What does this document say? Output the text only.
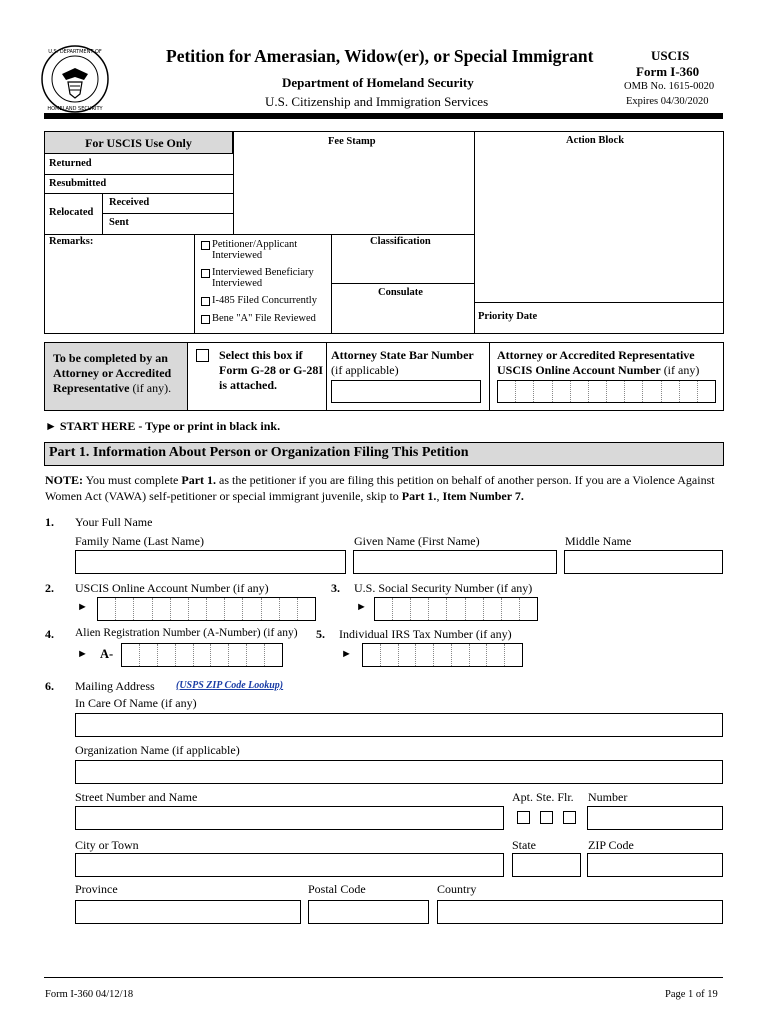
U.S. DEPARTMENT OF
HOMELAND SECURITY
Petition for Amerasian, Widow(er), or Special Immigrant
Department of Homeland Security
U.S. Citizenship and Immigration Services
USCIS
Form I-360
OMB No. 1615-0020
Expires 04/30/2020
For USCIS Use Only	Fee Stamp	Action Block
Returned
Resubmitted
Relocated
Received
Sent
Remarks:	Petitioner/Applicant Interviewed
Interviewed Beneficiary Interviewed
I-485 Filed Concurrently
Bene "A" File Reviewed
Classification
Consulate
Priority Date
To be completed by an Attorney or Accredited Representative (if any).
Select this box if Form G-28 or G-28I is attached.
Attorney State Bar Number
(if applicable)
Attorney or Accredited Representative USCIS Online Account Number (if any)
► START HERE - Type or print in black ink.
Part 1. Information About Person or Organization Filing This Petition
NOTE: You must complete Part 1. as the petitioner if you are filing this petition on behalf of another person. If you are a Violence Against Women Act (VAWA) self-petitioner or special immigrant juvenile, skip to Part 1., Item Number 7.
1. Your Full Name
Family Name (Last Name)	Given Name (First Name)	Middle Name
2. USCIS Online Account Number (if any)
►
3. U.S. Social Security Number (if any)
►
4. Alien Registration Number (A-Number) (if any)
► A-
5. Individual IRS Tax Number (if any)
►
6. Mailing Address (USPS ZIP Code Lookup)
In Care Of Name (if any)
Organization Name (if applicable)
Street Number and Name	Apt. Ste. Flr. Number
City or Town	State	ZIP Code
Province	Postal Code	Country
Form I-360 04/12/18	Page 1 of 19
